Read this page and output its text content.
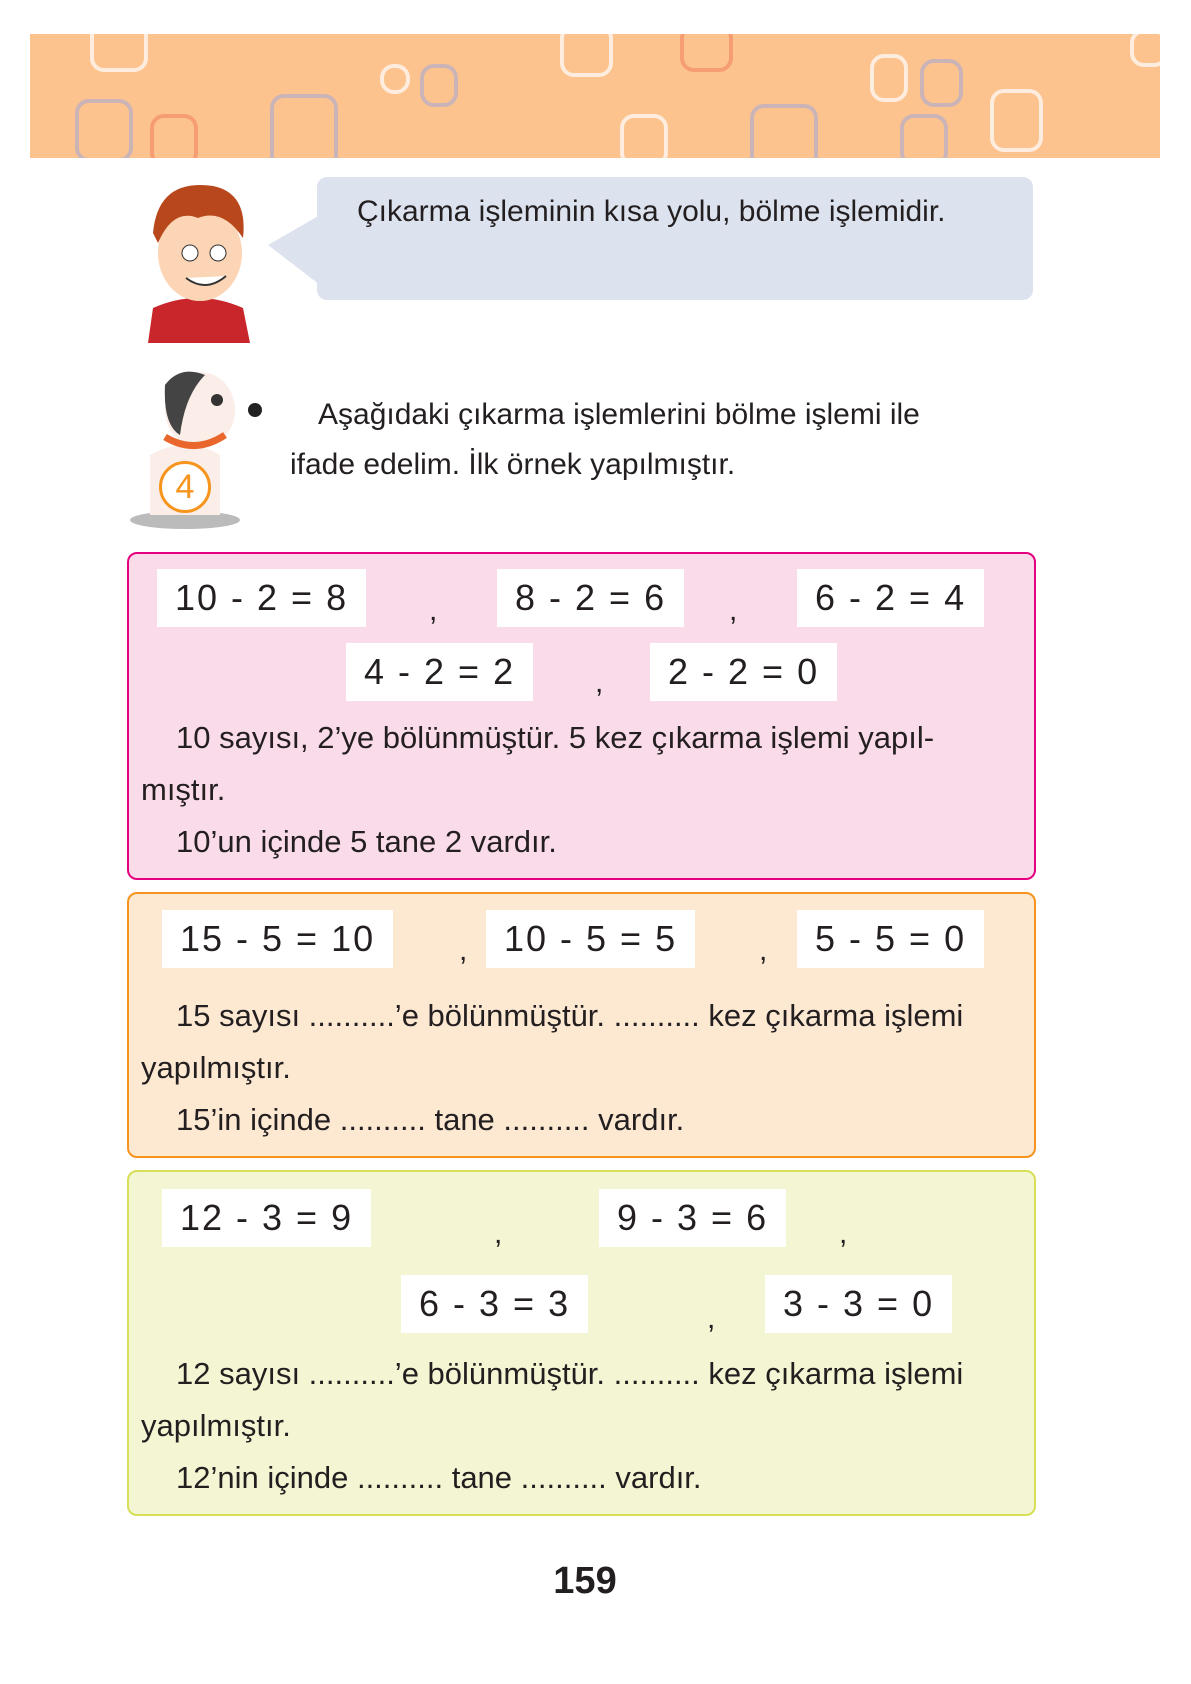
Çıkarma işleminin kısa yolu, bölme işlemidir.
4
Aşağıdaki çıkarma işlemlerini bölme işlemi ile
ifade edelim. İlk örnek yapılmıştır.
10 - 2 = 8	,	8 - 2 = 6	,	6 - 2 = 4
4 - 2 = 2	,	2 - 2 = 0
10 sayısı, 2’ye bölünmüştür. 5 kez çıkarma işlemi yapıl-
mıştır.
10’un içinde 5 tane 2 vardır.
15 - 5 = 10	,	10 - 5 = 5	,	5 - 5 = 0
15 sayısı ..........’e bölünmüştür. .......... kez çıkarma işlemi
yapılmıştır.
15’in içinde .......... tane .......... vardır.
12 - 3 = 9	,	9 - 3 = 6	,
6 - 3 = 3	,	3 - 3 = 0
12 sayısı ..........’e bölünmüştür. .......... kez çıkarma işlemi
yapılmıştır.
12’nin içinde .......... tane .......... vardır.
159
